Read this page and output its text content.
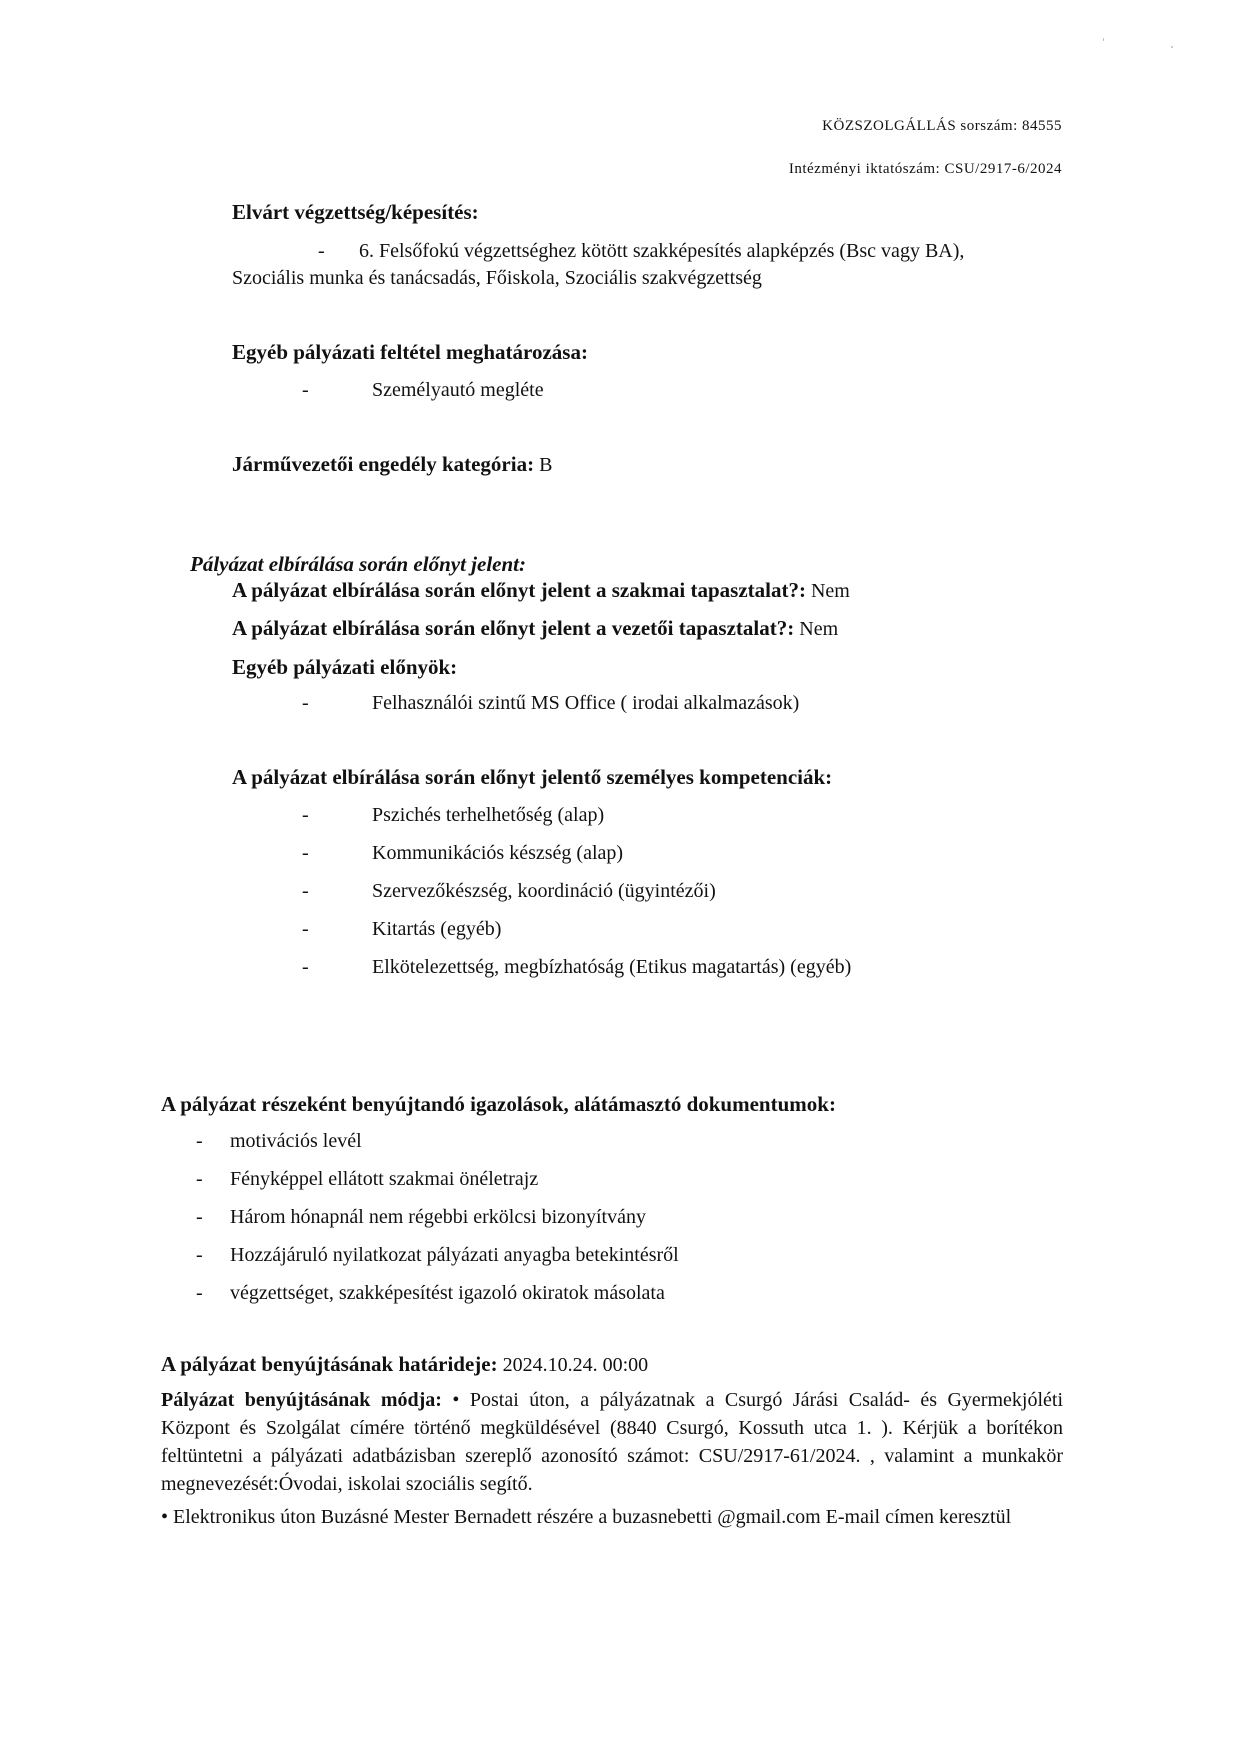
KÖZSZOLGÁLLÁS sorszám: 84555
Intézményi iktatószám: CSU/2917-6/2024
Elvárt végzettség/képesítés:
- 6. Felsőfokú végzettséghez kötött szakképesítés alapképzés (Bsc vagy BA),
Szociális munka és tanácsadás, Főiskola, Szociális szakvégzettség
Egyéb pályázati feltétel meghatározása:
-	Személyautó megléte
Járművezetői engedély kategória: B
Pályázat elbírálása során előnyt jelent:
A pályázat elbírálása során előnyt jelent a szakmai tapasztalat?: Nem
A pályázat elbírálása során előnyt jelent a vezetői tapasztalat?: Nem
Egyéb pályázati előnyök:
-	Felhasználói szintű MS Office ( irodai alkalmazások)
A pályázat elbírálása során előnyt jelentő személyes kompetenciák:
-	Pszichés terhelhetőség (alap)
-	Kommunikációs készség (alap)
-	Szervezőkészség, koordináció (ügyintézői)
-	Kitartás (egyéb)
-	Elkötelezettség, megbízhatóság (Etikus magatartás) (egyéb)
A pályázat részeként benyújtandó igazolások, alátámasztó dokumentumok:
- motivációs levél
- Fényképpel ellátott szakmai önéletrajz
- Három hónapnál nem régebbi erkölcsi bizonyítvány
- Hozzájáruló nyilatkozat pályázati anyagba betekintésről
- végzettséget, szakképesítést igazoló okiratok másolata
A pályázat benyújtásának határideje: 2024.10.24. 00:00
Pályázat benyújtásának módja: • Postai úton, a pályázatnak a Csurgó Járási Család- és Gyermekjóléti Központ és Szolgálat címére történő megküldésével (8840 Csurgó, Kossuth utca 1. ). Kérjük a borítékon feltüntetni a pályázati adatbázisban szereplő azonosító számot: CSU/2917-61/2024. , valamint a munkakör megnevezését:Óvodai, iskolai szociális segítő.
• Elektronikus úton Buzásné Mester Bernadett részére a buzasnebetti @gmail.com E-mail címen keresztül
